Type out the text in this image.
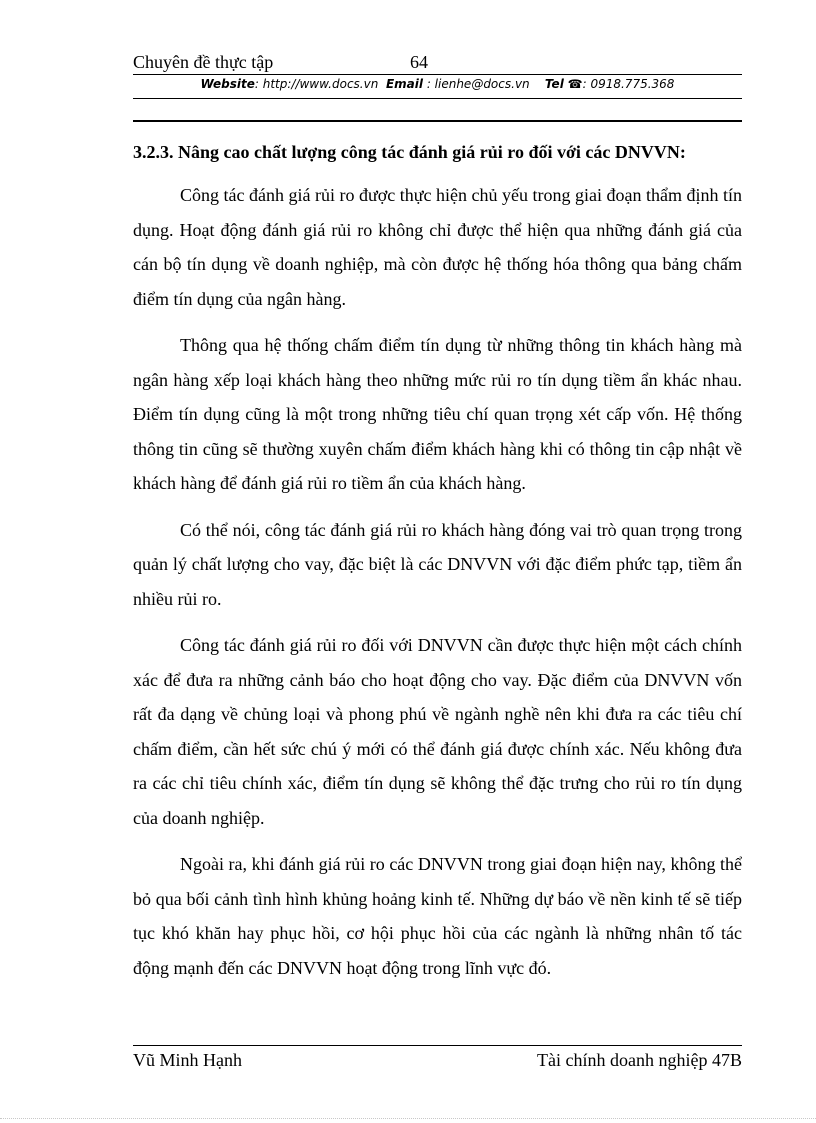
Chuyên đề thực tập	64
Website: http://www.docs.vn Email : lienhe@docs.vn Tel ☎: 0918.775.368
3.2.3. Nâng cao chất lượng công tác đánh giá rủi ro đối với các DNVVN:

Công tác đánh giá rủi ro được thực hiện chủ yếu trong giai đoạn thẩm định tín dụng. Hoạt động đánh giá rủi ro không chỉ được thể hiện qua những đánh giá của cán bộ tín dụng về doanh nghiệp, mà còn được hệ thống hóa thông qua bảng chấm điểm tín dụng của ngân hàng.

Thông qua hệ thống chấm điểm tín dụng từ những thông tin khách hàng mà ngân hàng xếp loại khách hàng theo những mức rủi ro tín dụng tiềm ẩn khác nhau. Điểm tín dụng cũng là một trong những tiêu chí quan trọng xét cấp vốn. Hệ thống thông tin cũng sẽ thường xuyên chấm điểm khách hàng khi có thông tin cập nhật về khách hàng để đánh giá rủi ro tiềm ẩn của khách hàng.

Có thể nói, công tác đánh giá rủi ro khách hàng đóng vai trò quan trọng trong quản lý chất lượng cho vay, đặc biệt là các DNVVN với đặc điểm phức tạp, tiềm ẩn nhiều rủi ro.

Công tác đánh giá rủi ro đối với DNVVN cần được thực hiện một cách chính xác để đưa ra những cảnh báo cho hoạt động cho vay. Đặc điểm của DNVVN vốn rất đa dạng về chủng loại và phong phú về ngành nghề nên khi đưa ra các tiêu chí chấm điểm, cần hết sức chú ý mới có thể đánh giá được chính xác. Nếu không đưa ra các chỉ tiêu chính xác, điểm tín dụng sẽ không thể đặc trưng cho rủi ro tín dụng của doanh nghiệp.

Ngoài ra, khi đánh giá rủi ro các DNVVN trong giai đoạn hiện nay, không thể bỏ qua bối cảnh tình hình khủng hoảng kinh tế. Những dự báo về nền kinh tế sẽ tiếp tục khó khăn hay phục hồi, cơ hội phục hồi của các ngành là những nhân tố tác động mạnh đến các DNVVN hoạt động trong lĩnh vực đó.

Vũ Minh Hạnh	Tài chính doanh nghiệp 47B
